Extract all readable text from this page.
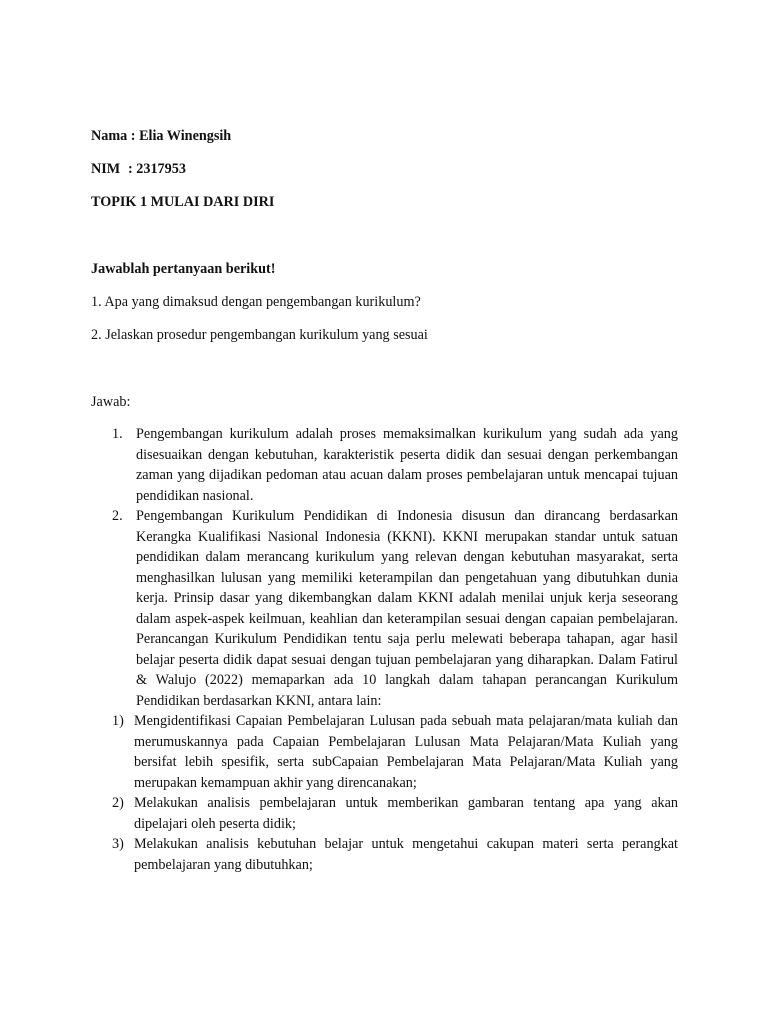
Nama : Elia Winengsih

NIM : 2317953

TOPIK 1 MULAI DARI DIRI

Jawablah pertanyaan berikut!

1. Apa yang dimaksud dengan pengembangan kurikulum?

2. Jelaskan prosedur pengembangan kurikulum yang sesuai

Jawab:

1. Pengembangan kurikulum adalah proses memaksimalkan kurikulum yang sudah ada yang disesuaikan dengan kebutuhan, karakteristik peserta didik dan sesuai dengan perkembangan zaman yang dijadikan pedoman atau acuan dalam proses pembelajaran untuk mencapai tujuan pendidikan nasional.
2. Pengembangan Kurikulum Pendidikan di Indonesia disusun dan dirancang berdasarkan Kerangka Kualifikasi Nasional Indonesia (KKNI). KKNI merupakan standar untuk satuan pendidikan dalam merancang kurikulum yang relevan dengan kebutuhan masyarakat, serta menghasilkan lulusan yang memiliki keterampilan dan pengetahuan yang dibutuhkan dunia kerja. Prinsip dasar yang dikembangkan dalam KKNI adalah menilai unjuk kerja seseorang dalam aspek-aspek keilmuan, keahlian dan keterampilan sesuai dengan capaian pembelajaran. Perancangan Kurikulum Pendidikan tentu saja perlu melewati beberapa tahapan, agar hasil belajar peserta didik dapat sesuai dengan tujuan pembelajaran yang diharapkan. Dalam Fatirul & Walujo (2022) memaparkan ada 10 langkah dalam tahapan perancangan Kurikulum Pendidikan berdasarkan KKNI, antara lain:
1) Mengidentifikasi Capaian Pembelajaran Lulusan pada sebuah mata pelajaran/mata kuliah dan merumuskannya pada Capaian Pembelajaran Lulusan Mata Pelajaran/Mata Kuliah yang bersifat lebih spesifik, serta subCapaian Pembelajaran Mata Pelajaran/Mata Kuliah yang merupakan kemampuan akhir yang direncanakan;
2) Melakukan analisis pembelajaran untuk memberikan gambaran tentang apa yang akan dipelajari oleh peserta didik;
3) Melakukan analisis kebutuhan belajar untuk mengetahui cakupan materi serta perangkat pembelajaran yang dibutuhkan;
